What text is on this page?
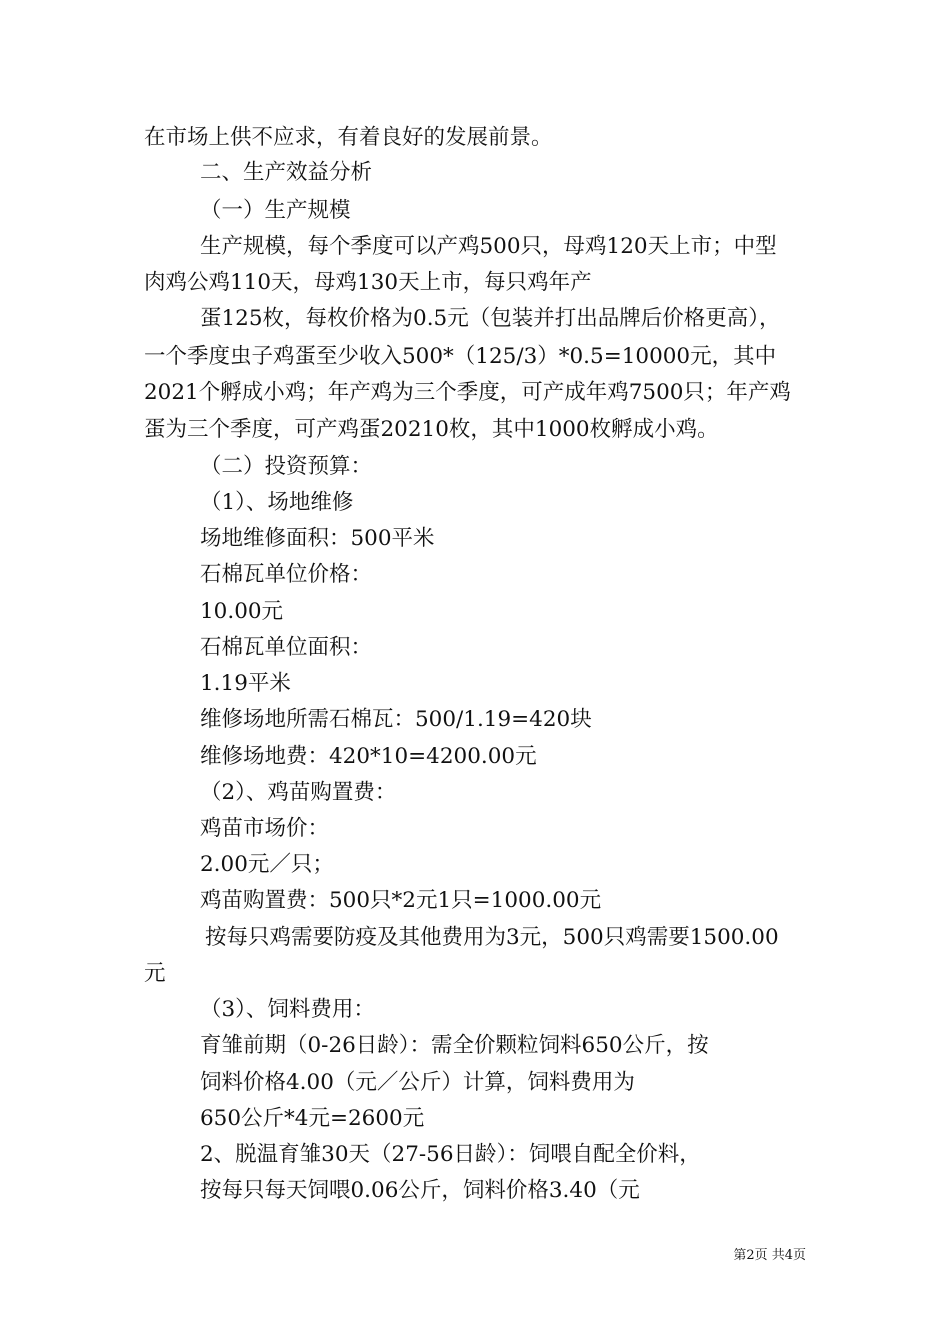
在市场上供不应求，有着良好的发展前景。
二、生产效益分析
（一）生产规模
生产规模，每个季度可以产鸡500只，母鸡120天上市；中型
肉鸡公鸡110天，母鸡130天上市，每只鸡年产
蛋125枚，每枚价格为0.5元（包装并打出品牌后价格更高），
一个季度虫子鸡蛋至少收入500*（125/3）*0.5=10000元，其中
2021个孵成小鸡；年产鸡为三个季度，可产成年鸡7500只；年产鸡
蛋为三个季度，可产鸡蛋20210枚，其中1000枚孵成小鸡。
（二）投资预算：
（1）、场地维修
场地维修面积：500平米
石棉瓦单位价格：
10.00元
石棉瓦单位面积：
1.19平米
维修场地所需石棉瓦：500/1.19=420块
维修场地费：420*10=4200.00元
（2）、鸡苗购置费：
鸡苗市场价：
2.00元／只；
鸡苗购置费：500只*2元1只=1000.00元
按每只鸡需要防疫及其他费用为3元，500只鸡需要1500.00
元
（3）、饲料费用：
育雏前期（0-26日龄）：需全价颗粒饲料650公斤，按
饲料价格4.00（元／公斤）计算，饲料费用为
650公斤*4元=2600元
2、脱温育雏30天（27-56日龄）：饲喂自配全价料，
按每只每天饲喂0.06公斤，饲料价格3.40（元
第2页 共4页
